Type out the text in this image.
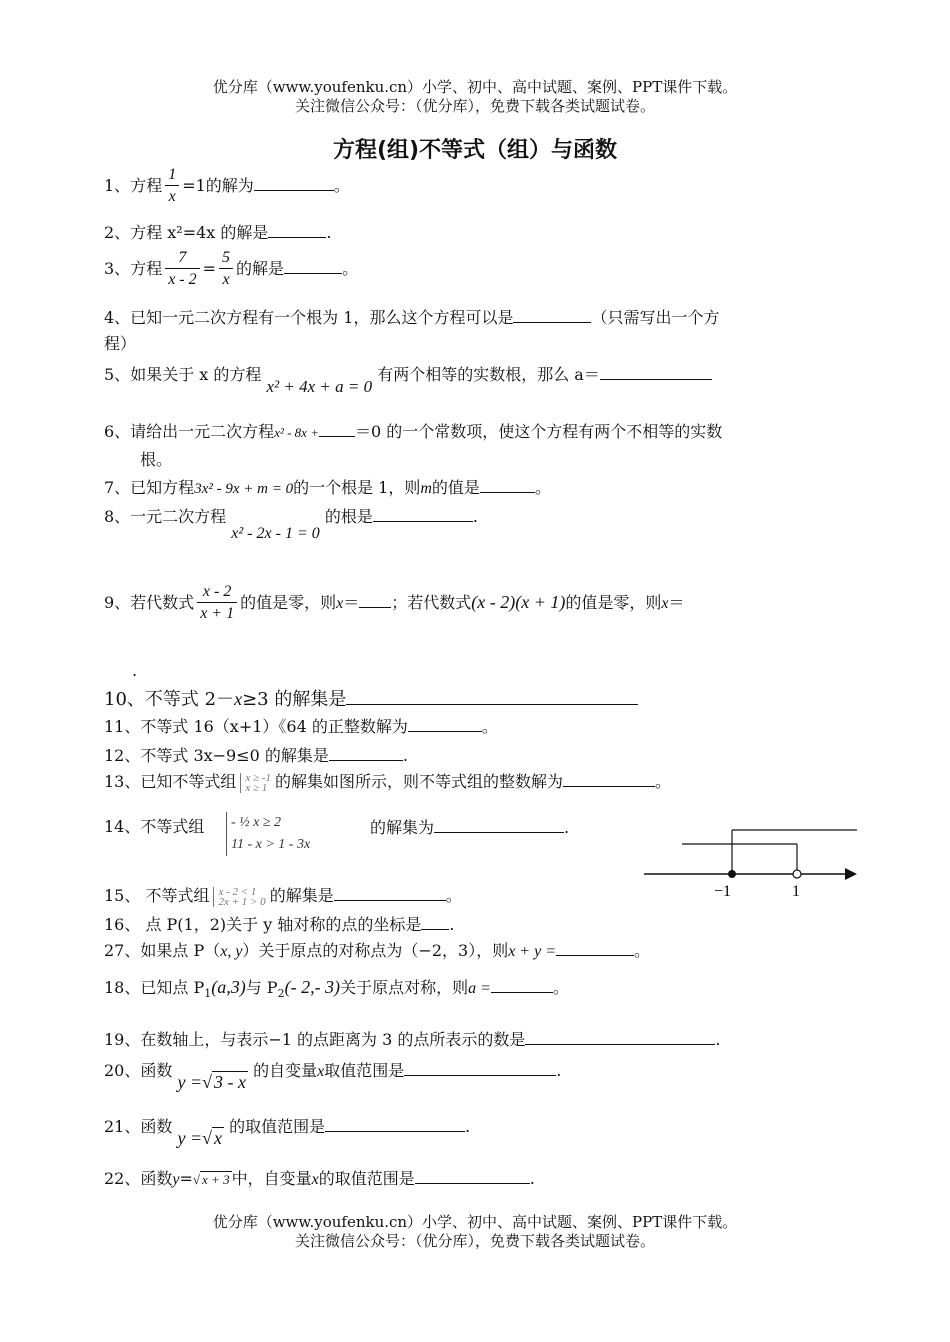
优分库（www.youfenku.cn）小学、初中、高中试题、案例、PPT课件下载。
关注微信公众号：（优分库），免费下载各类试题试卷。
方程(组)不等式（组）与函数
1、方程 $\frac{1}{x} =1$的解为	。
2、方程 x²=4x 的解是	.
3、方程 $\frac{7}{x - 2} = \frac{5}{x}$ 的解是	。
4、已知一元二次方程有一个根为 1，那么这个方程可以是	（只需写出一个方
程）
5、如果关于 x 的方程 x² + 4x + a = 0 有两个相等的实数根，那么 a＝
6、请给出一元二次方程x² - 8x + ＝0 的一个常数项，使这个方程有两个不相等的实数
根。
7、已知方程3x² - 9x + m = 0的一个根是 1，则m的值是	。
8、一元二次方程 x² - 2x - 1 = 0 的根是	.
9、若代数式 $\frac{x - 2}{x + 1}$ 的值是零，则x＝ ；若代数式(x - 2)(x + 1)的值是零，则x＝
.
10、不等式 2－x≥3 的解集是
11、不等式 16（x+1）《64 的正整数解为	。
12、不等式 3x−9≤0 的解集是	.
13、已知不等式组 x ≥ -1
x ≥ 1 的解集如图所示，则不等式组的整数解为	。
14、不等式组 - ½ x ≥ 2
11 - x > 1 - 3x
的解集为	.
−1	1
15、 不等式组 x - 2 < 1
2x + 1 > 0 的解集是	。
16、 点 P(1，2)关于 y 轴对称的点的坐标是 .
27、如果点 P（x, y）关于原点的对称点为（−2，3），则x + y =	。
18、已知点 $P_1(a,3)$与 $P_2(-$ 2,- 3)关于原点对称，则a =	。
19、在数轴上，与表示−1 的点距离为 3 的点所表示的数是	.
20、函数 y =√ 3 - x 的自变量x取值范围是	.
21、函数 y =√ x 的取值范围是	.
22、函数y=√ x + 3 中，自变量x的取值范围是	.
优分库（www.youfenku.cn）小学、初中、高中试题、案例、PPT课件下载。
关注微信公众号：（优分库），免费下载各类试题试卷。
